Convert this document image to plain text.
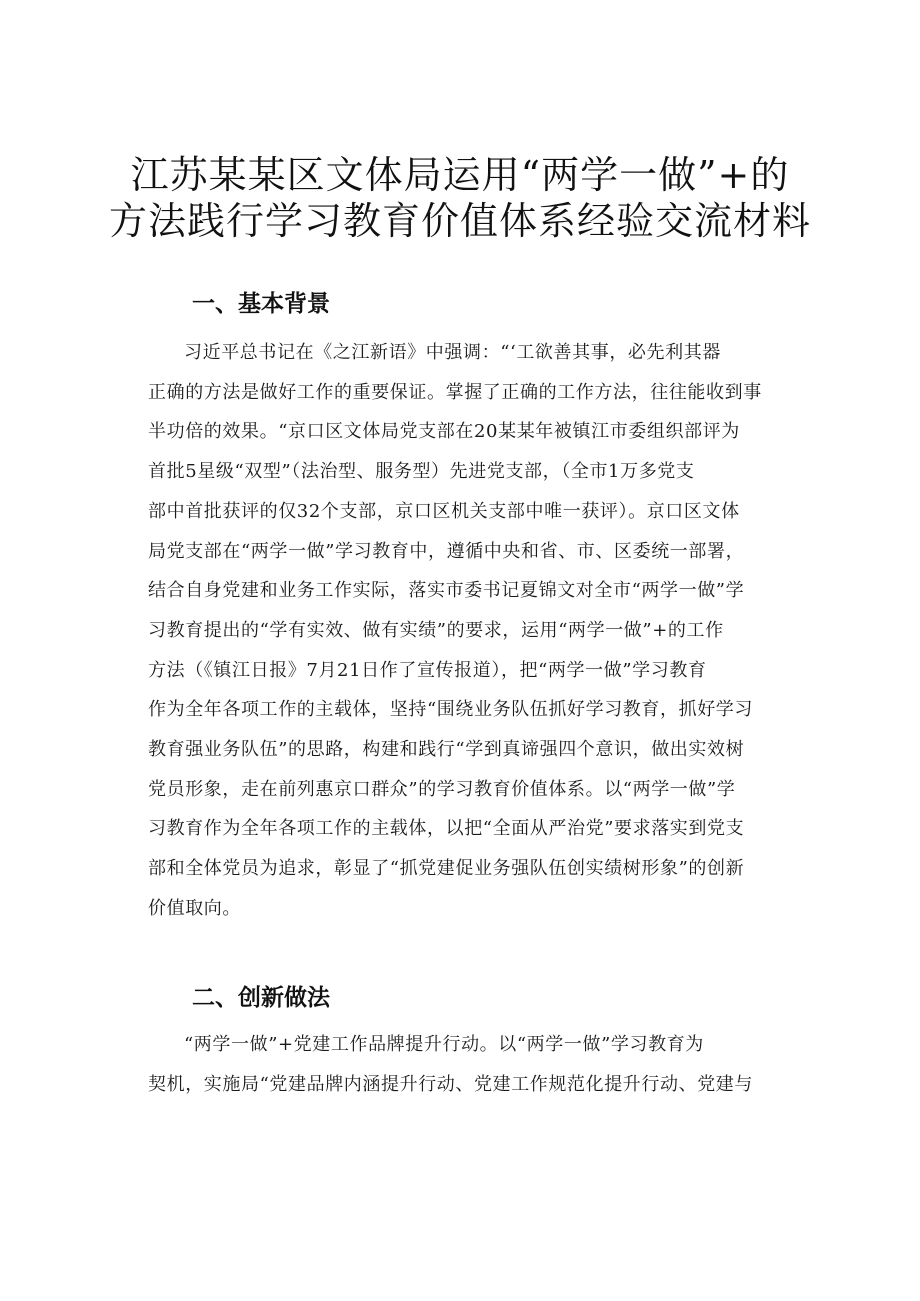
江苏某某区文体局运用“两学一做”+的
方法践行学习教育价值体系经验交流材料
一、基本背景
习近平总书记在《之江新语》中强调：“‘工欲善其事，必先利其器
正确的方法是做好工作的重要保证。掌握了正确的工作方法，往往能收到事
半功倍的效果。“京口区文体局党支部在20某某年被镇江市委组织部评为
首批5星级“双型”（法治型、服务型）先进党支部，（全市1万多党支
部中首批获评的仅32个支部，京口区机关支部中唯一获评）。京口区文体
局党支部在“两学一做”学习教育中，遵循中央和省、市、区委统一部署，
结合自身党建和业务工作实际，落实市委书记夏锦文对全市“两学一做”学
习教育提出的“学有实效、做有实绩”的要求，运用“两学一做”+的工作
方法（《镇江日报》7月21日作了宣传报道），把“两学一做”学习教育
作为全年各项工作的主载体，坚持“围绕业务队伍抓好学习教育，抓好学习
教育强业务队伍”的思路，构建和践行“学到真谛强四个意识，做出实效树
党员形象，走在前列惠京口群众”的学习教育价值体系。以“两学一做”学
习教育作为全年各项工作的主载体，以把“全面从严治党”要求落实到党支
部和全体党员为追求，彰显了“抓党建促业务强队伍创实绩树形象”的创新
价值取向。
二、创新做法
“两学一做”+党建工作品牌提升行动。以“两学一做”学习教育为
契机，实施局“党建品牌内涵提升行动、党建工作规范化提升行动、党建与
